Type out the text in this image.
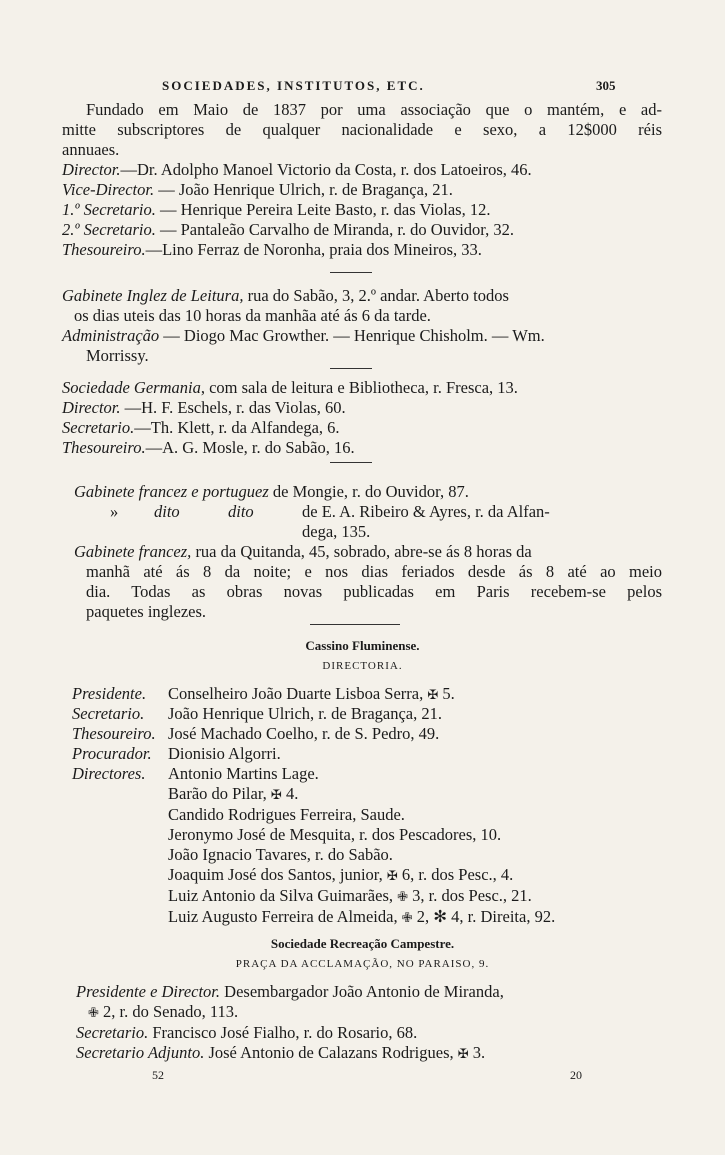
SOCIEDADES, INSTITUTOS, ETC.	305
Fundado em Maio de 1837 por uma associação que o mantém, e ad-
mitte subscriptores de qualquer nacionalidade e sexo, a 12$000 réis
annuaes.
Director.—Dr. Adolpho Manoel Victorio da Costa, r. dos Latoeiros, 46.
Vice-Director. — João Henrique Ulrich, r. de Bragança, 21.
1.º Secretario. — Henrique Pereira Leite Basto, r. das Violas, 12.
2.º Secretario. — Pantaleão Carvalho de Miranda, r. do Ouvidor, 32.
Thesoureiro.—Lino Ferraz de Noronha, praia dos Mineiros, 33.
Gabinete Inglez de Leitura, rua do Sabão, 3, 2.º andar. Aberto todos
os dias uteis das 10 horas da manhãa até ás 6 da tarde.
Administração — Diogo Mac Growther. — Henrique Chisholm. — Wm.
Morrissy.
Sociedade Germania, com sala de leitura e Bibliotheca, r. Fresca, 13.
Director. —H. F. Eschels, r. das Violas, 60.
Secretario.—Th. Klett, r. da Alfandega, 6.
Thesoureiro.—A. G. Mosle, r. do Sabão, 16.
Gabinete francez e portuguez de Mongie, r. do Ouvidor, 87.
» dito	dito	de E. A. Ribeiro & Ayres, r. da Alfan-

dega, 135.
Gabinete francez, rua da Quitanda, 45, sobrado, abre-se ás 8 horas da
manhã até ás 8 da noite; e nos dias feriados desde ás 8 até ao meio
dia. Todas as obras novas publicadas em Paris recebem-se pelos
paquetes inglezes.
Cassino Fluminense.
DIRECTORIA.
Presidente. Conselheiro João Duarte Lisboa Serra, ✠ 5.
Secretario. João Henrique Ulrich, r. de Bragança, 21.
Thesoureiro. José Machado Coelho, r. de S. Pedro, 49.
Procurador. Dionisio Algorri.
Directores. Antonio Martins Lage.
Barão do Pilar, ✠ 4.
Candido Rodrigues Ferreira, Saude.
Jeronymo José de Mesquita, r. dos Pescadores, 10.
João Ignacio Tavares, r. do Sabão.
Joaquim José dos Santos, junior, ✠ 6, r. dos Pesc., 4.
Luiz Antonio da Silva Guimarães, ✙ 3, r. dos Pesc., 21.
Luiz Augusto Ferreira de Almeida, ✙ 2, ✻ 4, r. Direita, 92.
Sociedade Recreação Campestre.
PRAÇA DA ACCLAMAÇÃO, NO PARAISO, 9.
Presidente e Director. Desembargador João Antonio de Miranda,
✙ 2, r. do Senado, 113.
Secretario. Francisco José Fialho, r. do Rosario, 68.
Secretario Adjunto. José Antonio de Calazans Rodrigues, ✠ 3.
52	20
